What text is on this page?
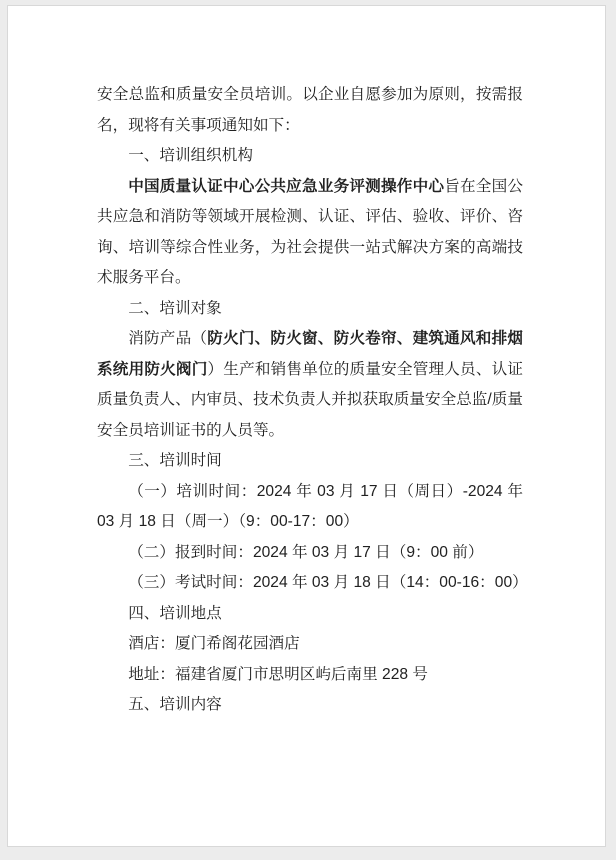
安全总监和质量安全员培训。以企业自愿参加为原则，按需报名，现将有关事项通知如下：

一、培训组织机构

中国质量认证中心公共应急业务评测操作中心旨在全国公共应急和消防等领域开展检测、认证、评估、验收、评价、咨询、培训等综合性业务，为社会提供一站式解决方案的高端技术服务平台。

二、培训对象

消防产品（防火门、防火窗、防火卷帘、建筑通风和排烟系统用防火阀门）生产和销售单位的质量安全管理人员、认证质量负责人、内审员、技术负责人并拟获取质量安全总监/质量安全员培训证书的人员等。

三、培训时间

（一）培训时间：2024 年 03 月 17 日（周日）-2024 年 03 月 18 日（周一）（9：00-17：00）

（二）报到时间：2024 年 03 月 17 日（9：00 前）

（三）考试时间：2024 年 03 月 18 日（14：00-16：00）

四、培训地点

酒店：厦门希阁花园酒店

地址：福建省厦门市思明区屿后南里 228 号

五、培训内容
